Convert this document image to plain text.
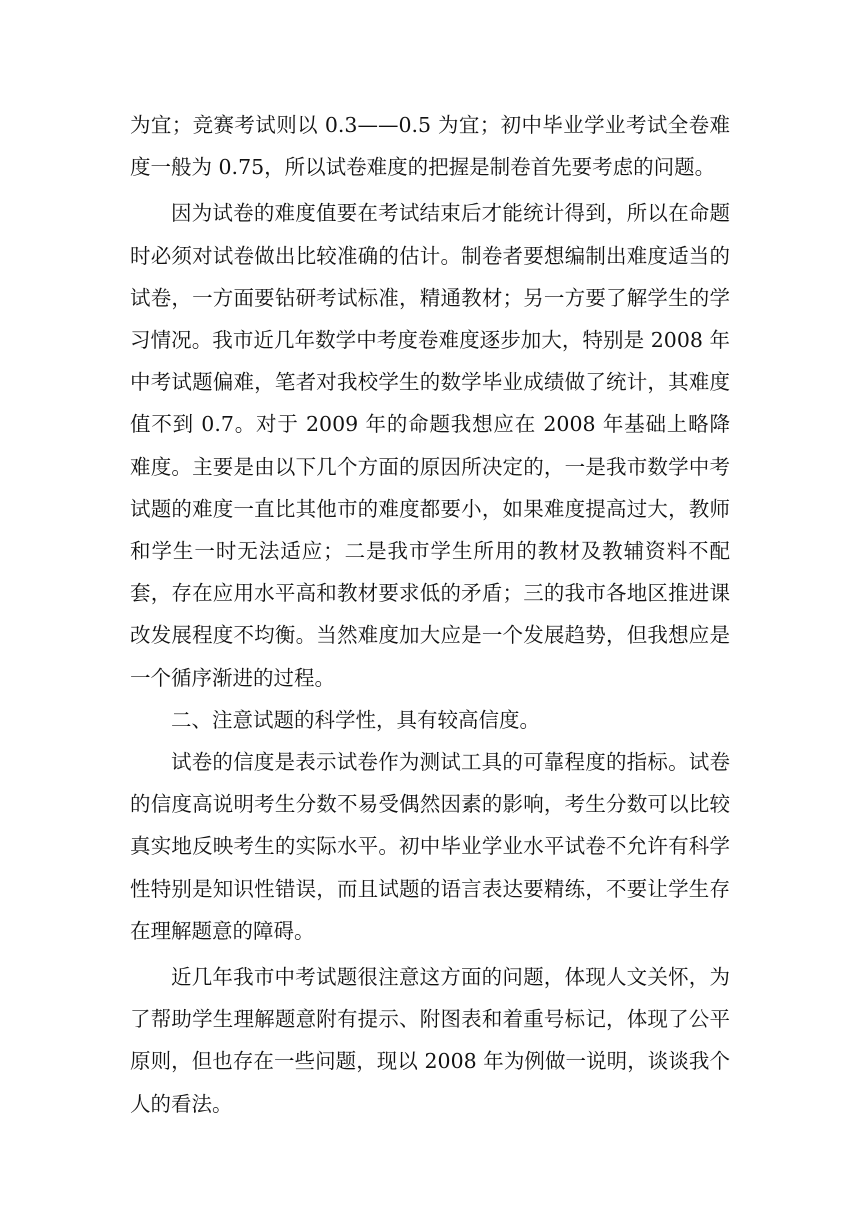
为宜；竞赛考试则以 0.3——0.5 为宜；初中毕业学业考试全卷难度一般为 0.75，所以试卷难度的把握是制卷首先要考虑的问题。

因为试卷的难度值要在考试结束后才能统计得到，所以在命题时必须对试卷做出比较准确的估计。制卷者要想编制出难度适当的试卷，一方面要钻研考试标准，精通教材；另一方要了解学生的学习情况。我市近几年数学中考度卷难度逐步加大，特别是 2008 年中考试题偏难，笔者对我校学生的数学毕业成绩做了统计，其难度值不到 0.7。对于 2009 年的命题我想应在 2008 年基础上略降难度。主要是由以下几个方面的原因所决定的，一是我市数学中考试题的难度一直比其他市的难度都要小，如果难度提高过大，教师和学生一时无法适应；二是我市学生所用的教材及教辅资料不配套，存在应用水平高和教材要求低的矛盾；三的我市各地区推进课改发展程度不均衡。当然难度加大应是一个发展趋势，但我想应是一个循序渐进的过程。

二、注意试题的科学性，具有较高信度。

试卷的信度是表示试卷作为测试工具的可靠程度的指标。试卷的信度高说明考生分数不易受偶然因素的影响，考生分数可以比较真实地反映考生的实际水平。初中毕业学业水平试卷不允许有科学性特别是知识性错误，而且试题的语言表达要精练，不要让学生存在理解题意的障碍。

近几年我市中考试题很注意这方面的问题，体现人文关怀，为了帮助学生理解题意附有提示、附图表和着重号标记，体现了公平原则，但也存在一些问题，现以 2008 年为例做一说明，谈谈我个人的看法。
